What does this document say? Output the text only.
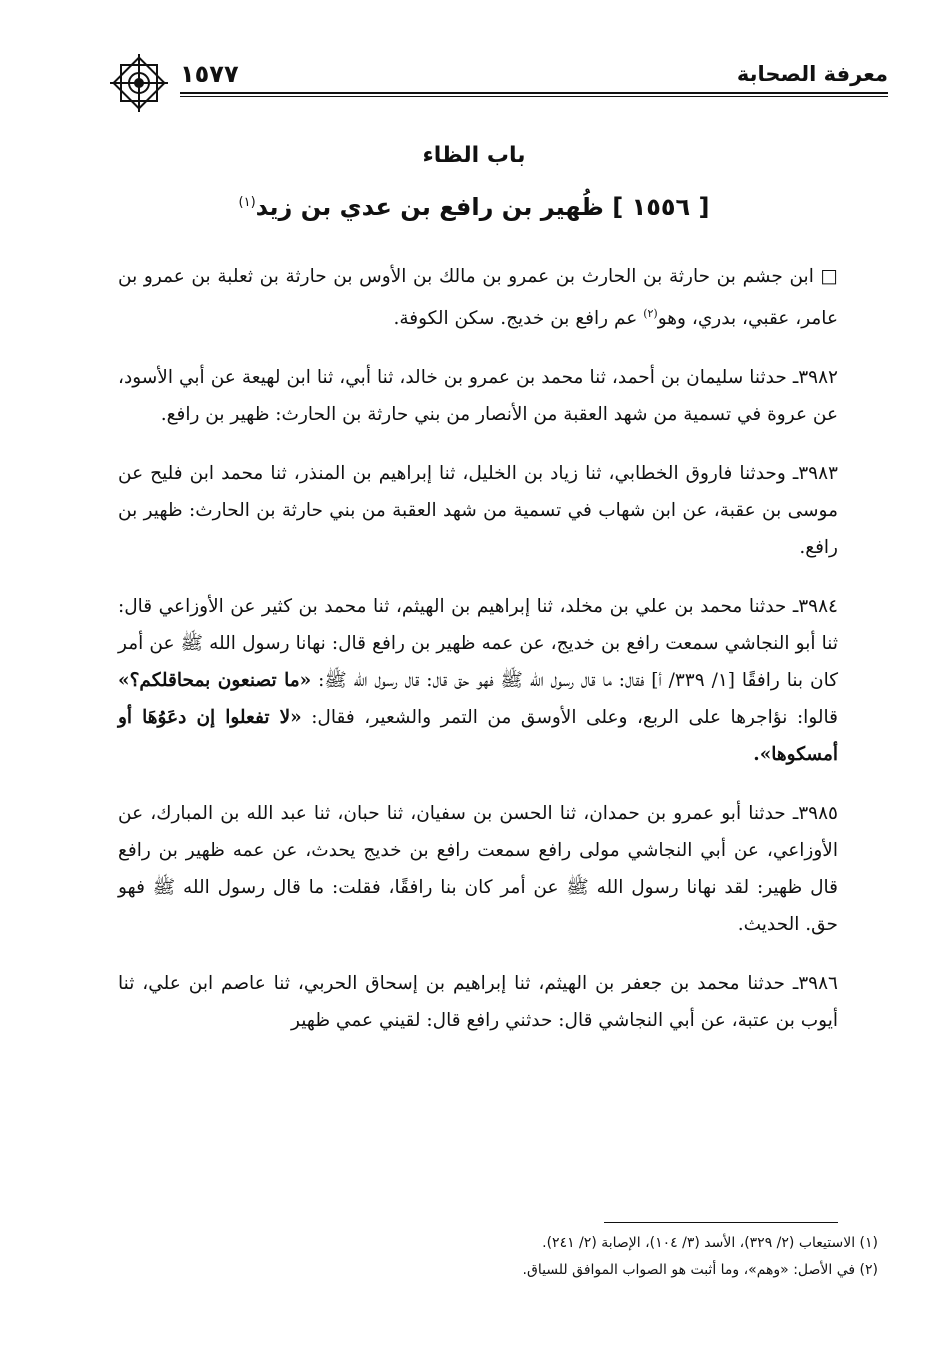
معرفة الصحابة
١٥٧٧
باب الظاء
[ ١٥٥٦ ] ظُهير بن رافع بن عدي بن زيد$^{(١)}$

□ ابن جشم بن حارثة بن الحارث بن عمرو بن مالك بن الأوس بن حارثة بن ثعلبة بن عمرو بن عامر، عقبي، بدري، وهو$^{(٢)}$ عم رافع بن خديج. سكن الكوفة.

٣٩٨٢ـ حدثنا سليمان بن أحمد، ثنا محمد بن عمرو بن خالد، ثنا أبي، ثنا ابن لهيعة عن أبي الأسود، عن عروة في تسمية من شهد العقبة من الأنصار من بني حارثة بن الحارث: ظهير بن رافع.

٣٩٨٣ـ وحدثنا فاروق الخطابي، ثنا زياد بن الخليل، ثنا إبراهيم بن المنذر، ثنا محمد ابن فليح عن موسى بن عقبة، عن ابن شهاب في تسمية من شهد العقبة من بني حارثة بن الحارث: ظهير بن رافع.

٣٩٨٤ـ حدثنا محمد بن علي بن مخلد، ثنا إبراهيم بن الهيثم، ثنا محمد بن كثير عن الأوزاعي قال: ثنا أبو النجاشي سمعت رافع بن خديج، عن عمه ظهير بن رافع قال: نهانا رسول الله ﷺ عن أمر كان بنا رافقًا [١/ ٣٣٩/ أ] فقال: ما قال رسول الله ﷺ فهو حق قال: قال رسول الله ﷺ: «ما تصنعون بمحاقلكم؟» قالوا: نؤاجرها على الربع، وعلى الأوسق من التمر والشعير، فقال: «لا تفعلوا إن دعَوُهَا أو أمسكوها».

٣٩٨٥ـ حدثنا أبو عمرو بن حمدان، ثنا الحسن بن سفيان، ثنا حبان، ثنا عبد الله بن المبارك، عن الأوزاعي، عن أبي النجاشي مولى رافع سمعت رافع بن خديج يحدث، عن عمه ظهير بن رافع قال ظهير: لقد نهانا رسول الله ﷺ عن أمر كان بنا رافقًا، فقلت: ما قال رسول الله ﷺ فهو حق. الحديث.

٣٩٨٦ـ حدثنا محمد بن جعفر بن الهيثم، ثنا إبراهيم بن إسحاق الحربي، ثنا عاصم ابن علي، ثنا أيوب بن عتبة، عن أبي النجاشي قال: حدثني رافع قال: لقيني عمي ظهير

(١) الاستيعاب (٢/ ٣٢٩)، الأسد (٣/ ١٠٤)، الإصابة (٢/ ٢٤١).
(٢) في الأصل: «وهم»، وما أثبت هو الصواب الموافق للسياق.
